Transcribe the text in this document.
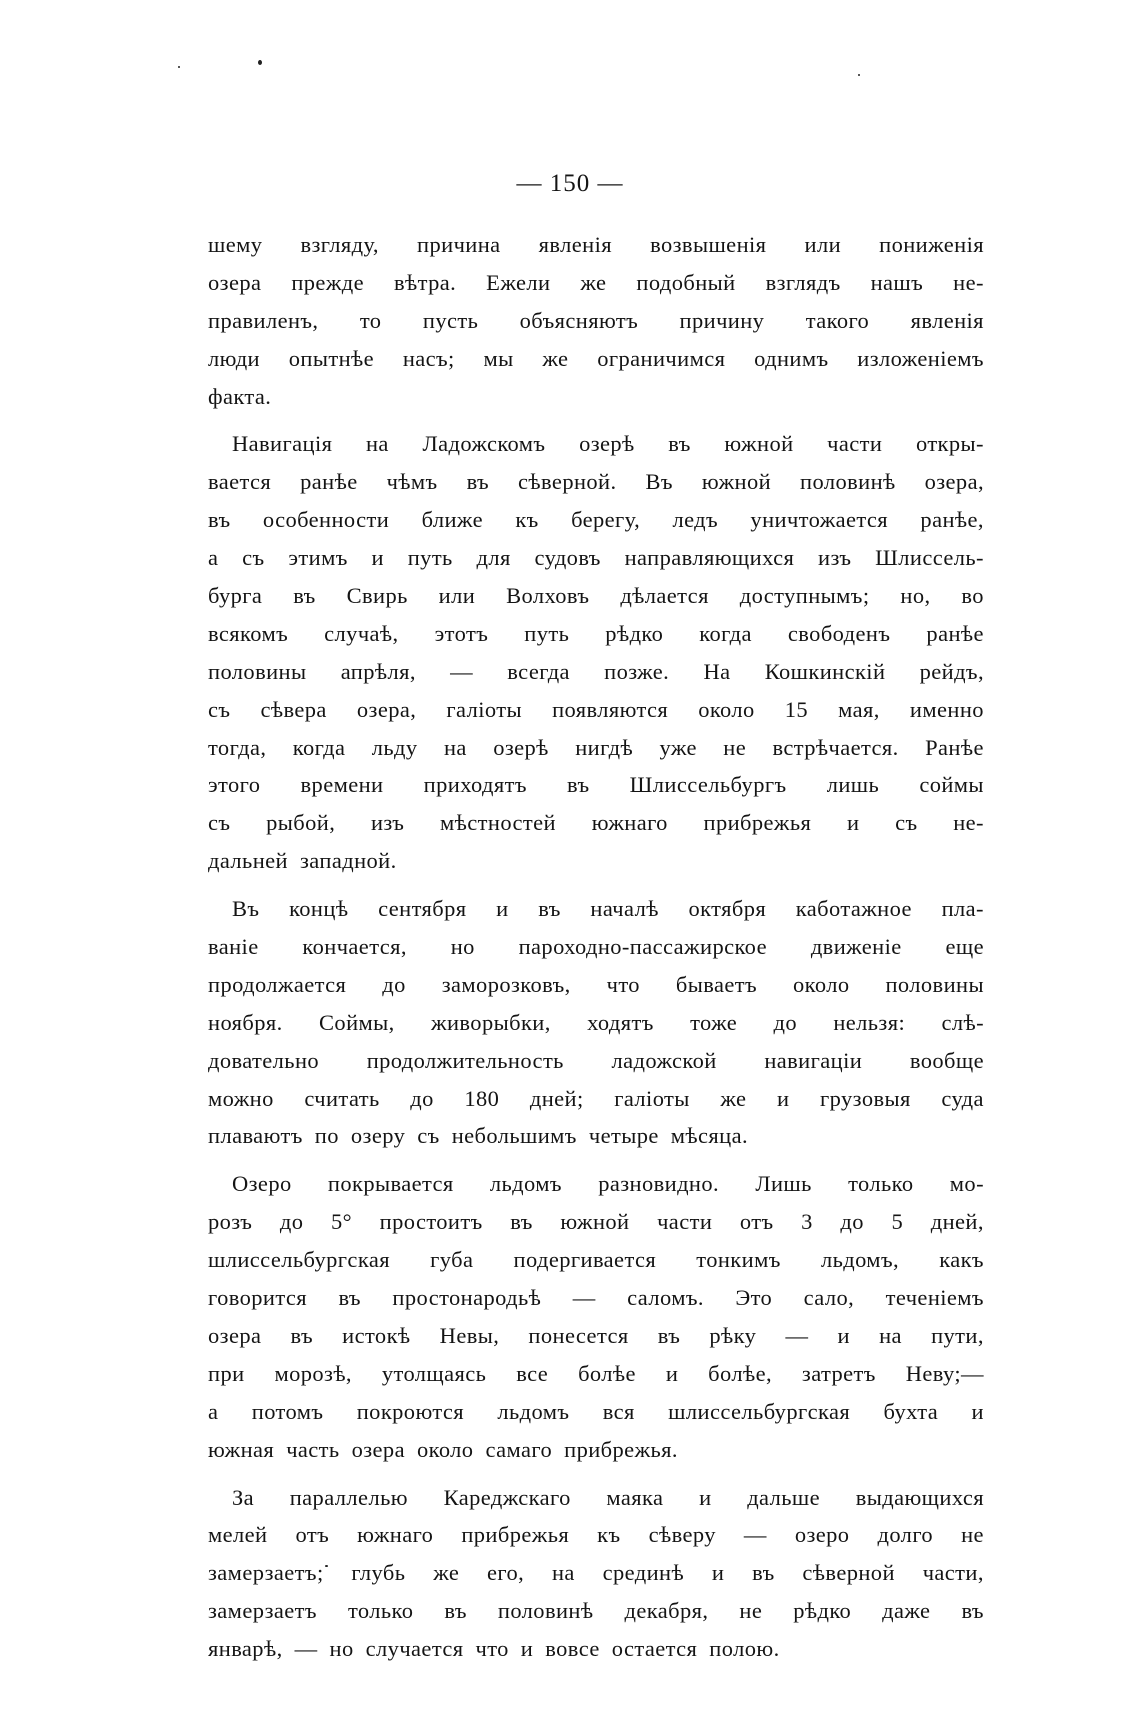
— 150 —
шему взгляду, причина явленія возвышенія или пониженія
озера прежде вѣтра. Ежели же подобный взглядъ нашъ не-
правиленъ, то пусть объясняютъ причину такого явленія
люди опытнѣе насъ; мы же ограничимся однимъ изложеніемъ
факта.
Навигація на Ладожскомъ озерѣ въ южной части откры-
вается ранѣе чѣмъ въ сѣверной. Въ южной половинѣ озера,
въ особенности ближе къ берегу, ледъ уничтожается ранѣе,
а съ этимъ и путь для судовъ направляющихся изъ Шлиссель-
бурга въ Свирь или Волховъ дѣлается доступнымъ; но, во
всякомъ случаѣ, этотъ путь рѣдко когда свободенъ ранѣе
половины апрѣля, — всегда позже. На Кошкинскій рейдъ,
съ сѣвера озера, галіоты появляются около 15 мая, именно
тогда, когда льду на озерѣ нигдѣ уже не встрѣчается. Ранѣе
этого времени приходятъ въ Шлиссельбургъ лишь соймы
съ рыбой, изъ мѣстностей южнаго прибрежья и съ не-
дальней западной.
Въ концѣ сентября и въ началѣ октября каботажное пла-
ваніе кончается, но пароходно-пассажирское движеніе еще
продолжается до заморозковъ, что бываетъ около половины
ноября. Соймы, живорыбки, ходятъ тоже до нельзя: слѣ-
довательно продолжительность ладожской навигаціи вообще
можно считать до 180 дней; галіоты же и грузовыя суда
плаваютъ по озеру съ небольшимъ четыре мѣсяца.
Озеро покрывается льдомъ разновидно. Лишь только мо-
розъ до 5° простоитъ въ южной части отъ 3 до 5 дней,
шлиссельбургская губа подергивается тонкимъ льдомъ, какъ
говорится въ простонародьѣ — саломъ. Это сало, теченіемъ
озера въ истокѣ Невы, понесется въ рѣку — и на пути,
при морозѣ, утолщаясь все болѣе и болѣе, затретъ Неву;—
а потомъ покроются льдомъ вся шлиссельбургская бухта и
южная часть озера около самаго прибрежья.
За параллелью Кареджскаго маяка и дальше выдающихся
мелей отъ южнаго прибрежья къ сѣверу — озеро долго не
замерзаетъ; глубь же его, на срединѣ и въ сѣверной части,
замерзаетъ только въ половинѣ декабря, не рѣдко даже въ
январѣ, — но случается что и вовсе остается полою.
